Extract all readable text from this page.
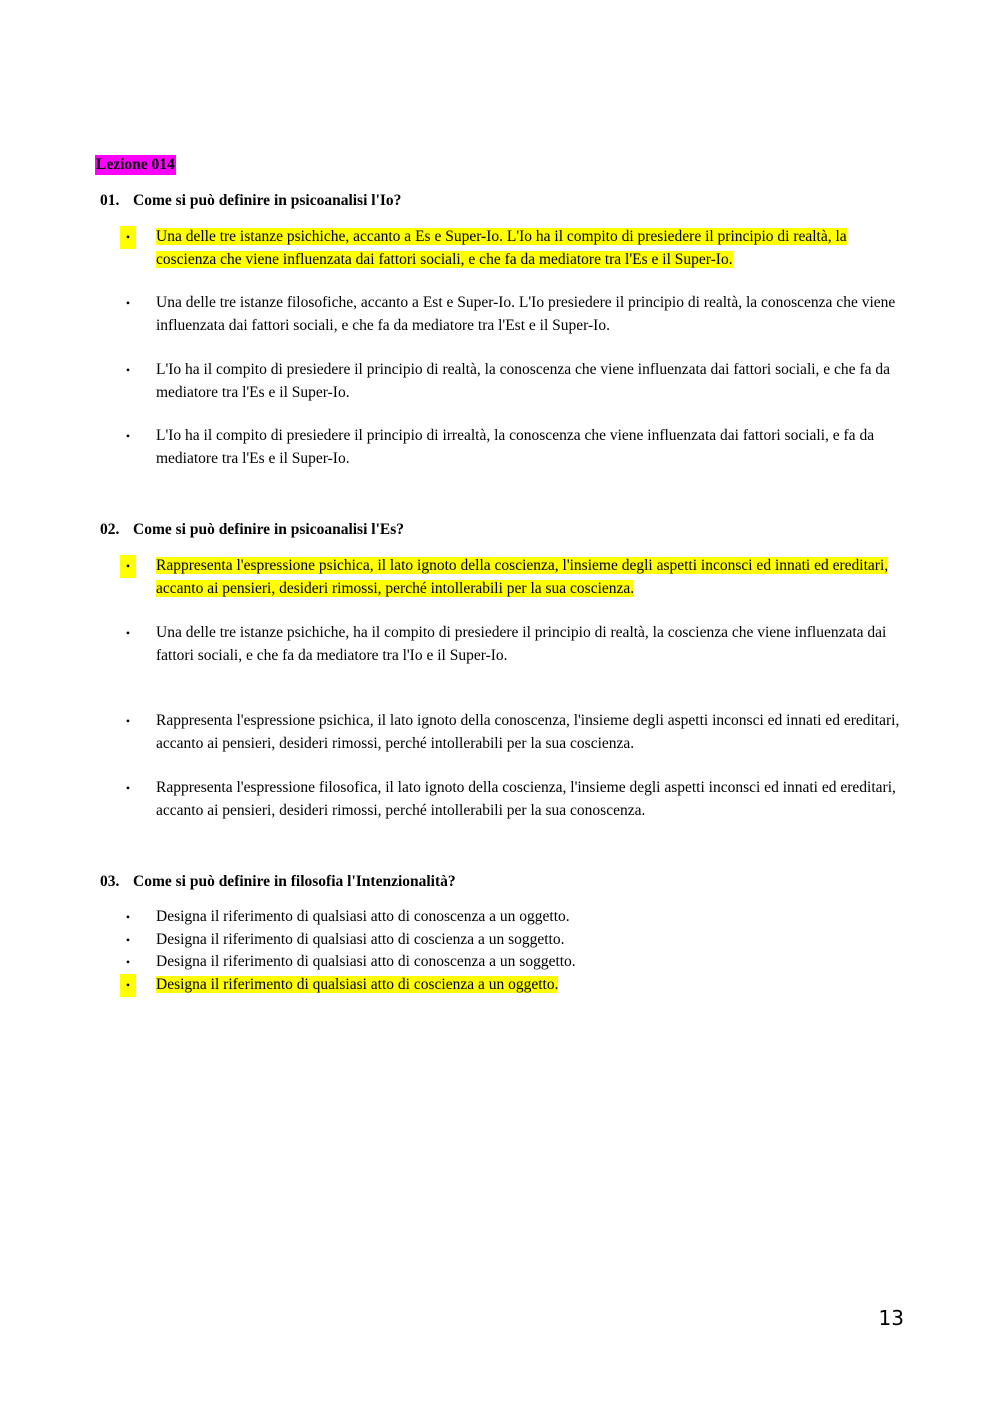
Lezione 014
01. Come si può definire in psicoanalisi l'Io?
•	Una delle tre istanze psichiche, accanto a Es e Super-Io. L'Io ha il compito di presiedere il principio di realtà, la coscienza che viene influenzata dai fattori sociali, e che fa da mediatore tra l'Es e il Super-Io.
•	Una delle tre istanze filosofiche, accanto a Est e Super-Io. L'Io presiedere il principio di realtà, la conoscenza che viene influenzata dai fattori sociali, e che fa da mediatore tra l'Est e il Super-Io.
•	L'Io ha il compito di presiedere il principio di realtà, la conoscenza che viene influenzata dai fattori sociali, e che fa da mediatore tra l'Es e il Super-Io.
•	L'Io ha il compito di presiedere il principio di irrealtà, la conoscenza che viene influenzata dai fattori sociali, e fa da mediatore tra l'Es e il Super-Io.
02. Come si può definire in psicoanalisi l'Es?
•	Rappresenta l'espressione psichica, il lato ignoto della coscienza, l'insieme degli aspetti inconsci ed innati ed ereditari, accanto ai pensieri, desideri rimossi, perché intollerabili per la sua coscienza.
•	Una delle tre istanze psichiche, ha il compito di presiedere il principio di realtà, la coscienza che viene influenzata dai fattori sociali, e che fa da mediatore tra l'Io e il Super-Io.
•	Rappresenta l'espressione psichica, il lato ignoto della conoscenza, l'insieme degli aspetti inconsci ed innati ed ereditari, accanto ai pensieri, desideri rimossi, perché intollerabili per la sua coscienza.
•	Rappresenta l'espressione filosofica, il lato ignoto della coscienza, l'insieme degli aspetti inconsci ed innati ed ereditari, accanto ai pensieri, desideri rimossi, perché intollerabili per la sua conoscenza.
03. Come si può definire in filosofia l'Intenzionalità?
•	Designa il riferimento di qualsiasi atto di conoscenza a un oggetto.
•	Designa il riferimento di qualsiasi atto di coscienza a un soggetto.
•	Designa il riferimento di qualsiasi atto di conoscenza a un soggetto.
•	Designa il riferimento di qualsiasi atto di coscienza a un oggetto.
13
